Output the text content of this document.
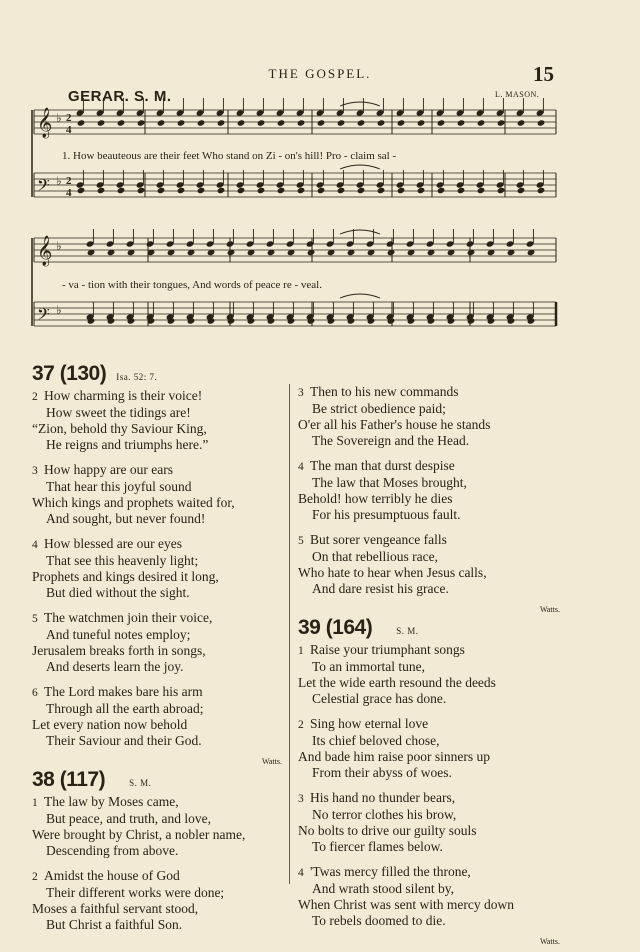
THE GOSPEL.	15
GERAR. S. M.	L. MASON.
𝄞 ♭
𝄢 ♭
𝄞 ♭
𝄢 ♭
2
4
2
4
1. How beauteous are their feet Who stand on Zi - on's hill! Pro - claim sal -
- va - tion with their tongues, And words of peace re - veal.
37 (130) Isa. 52: 7.
2 How charming is their voice!
How sweet the tidings are!
“Zion, behold thy Saviour King,
He reigns and triumphs here.”
3 How happy are our ears
That hear this joyful sound
Which kings and prophets waited for,
And sought, but never found!
4 How blessed are our eyes
That see this heavenly light;
Prophets and kings desired it long,
But died without the sight.
5 The watchmen join their voice,
And tuneful notes employ;
Jerusalem breaks forth in songs,
And deserts learn the joy.
6 The Lord makes bare his arm
Through all the earth abroad;
Let every nation now behold
Their Saviour and their God.
Watts.
38 (117)	S. M.
1 The law by Moses came,
But peace, and truth, and love,
Were brought by Christ, a nobler name,
Descending from above.
2 Amidst the house of God
Their different works were done;
Moses a faithful servant stood,
But Christ a faithful Son.
3 Then to his new commands
Be strict obedience paid;
O'er all his Father's house he stands
The Sovereign and the Head.
4 The man that durst despise
The law that Moses brought,
Behold! how terribly he dies
For his presumptuous fault.
5 But sorer vengeance falls
On that rebellious race,
Who hate to hear when Jesus calls,
And dare resist his grace.
Watts.
39 (164)	S. M.
1 Raise your triumphant songs
To an immortal tune,
Let the wide earth resound the deeds
Celestial grace has done.
2 Sing how eternal love
Its chief beloved chose,
And bade him raise poor sinners up
From their abyss of woes.
3 His hand no thunder bears,
No terror clothes his brow,
No bolts to drive our guilty souls
To fiercer flames below.
4 'Twas mercy filled the throne,
And wrath stood silent by,
When Christ was sent with mercy down
To rebels doomed to die.
Watts.
